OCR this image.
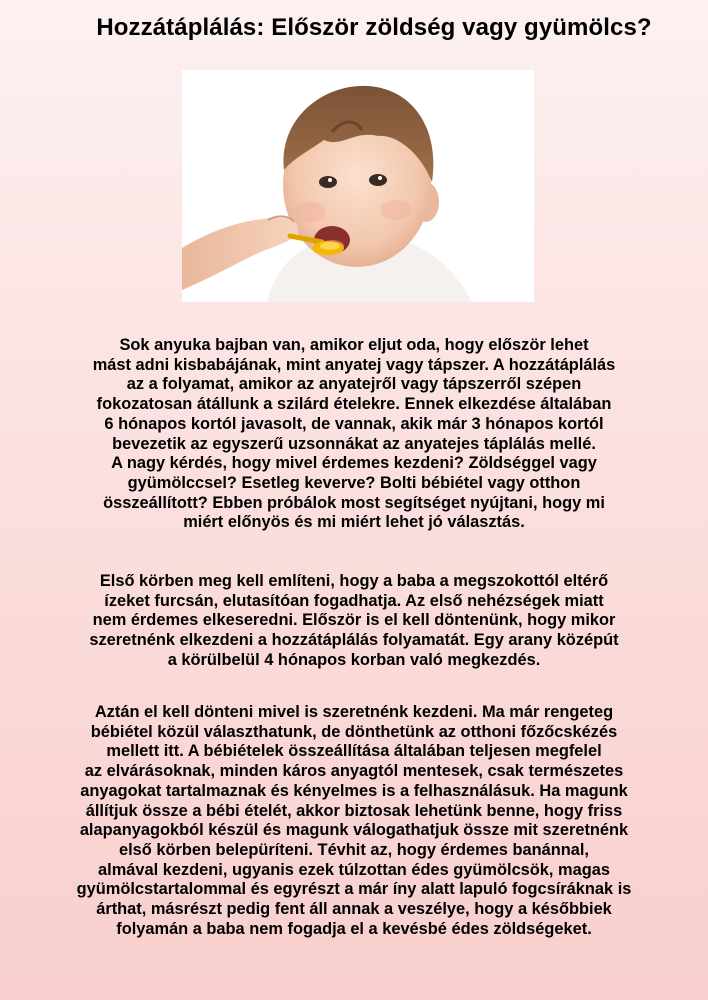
Hozzátáplálás: Először zöldség vagy gyümölcs?
Sok anyuka bajban van, amikor eljut oda, hogy először lehet
mást adni kisbabájának, mint anyatej vagy tápszer. A hozzátáplálás
az a folyamat, amikor az anyatejről vagy tápszerről szépen
fokozatosan átállunk a szilárd ételekre. Ennek elkezdése általában
6 hónapos kortól javasolt, de vannak, akik már 3 hónapos kortól
bevezetik az egyszerű uzsonnákat az anyatejes táplálás mellé.
A nagy kérdés, hogy mivel érdemes kezdeni? Zöldséggel vagy
gyümölccsel? Esetleg keverve? Bolti bébiétel vagy otthon
összeállított? Ebben próbálok most segítséget nyújtani, hogy mi
miért előnyös és mi miért lehet jó választás.
Első körben meg kell említeni, hogy a baba a megszokottól eltérő
ízeket furcsán, elutasítóan fogadhatja. Az első nehézségek miatt
nem érdemes elkeseredni. Először is el kell döntenünk, hogy mikor
szeretnénk elkezdeni a hozzátáplálás folyamatát. Egy arany középút
a körülbelül 4 hónapos korban való megkezdés.
Aztán el kell dönteni mivel is szeretnénk kezdeni. Ma már rengeteg
bébiétel közül választhatunk, de dönthetünk az otthoni főzőcskézés
mellett itt. A bébiételek összeállítása általában teljesen megfelel
az elvárásoknak, minden káros anyagtól mentesek, csak természetes
anyagokat tartalmaznak és kényelmes is a felhasználásuk. Ha magunk
állítjuk össze a bébi ételét, akkor biztosak lehetünk benne, hogy friss
alapanyagokból készül és magunk válogathatjuk össze mit szeretnénk
első körben belepüríteni. Tévhit az, hogy érdemes banánnal,
almával kezdeni, ugyanis ezek túlzottan édes gyümölcsök, magas
gyümölcstartalommal és egyrészt a már íny alatt lapuló fogcsíráknak is
árthat, másrészt pedig fent áll annak a veszélye, hogy a későbbiek
folyamán a baba nem fogadja el a kevésbé édes zöldségeket.
